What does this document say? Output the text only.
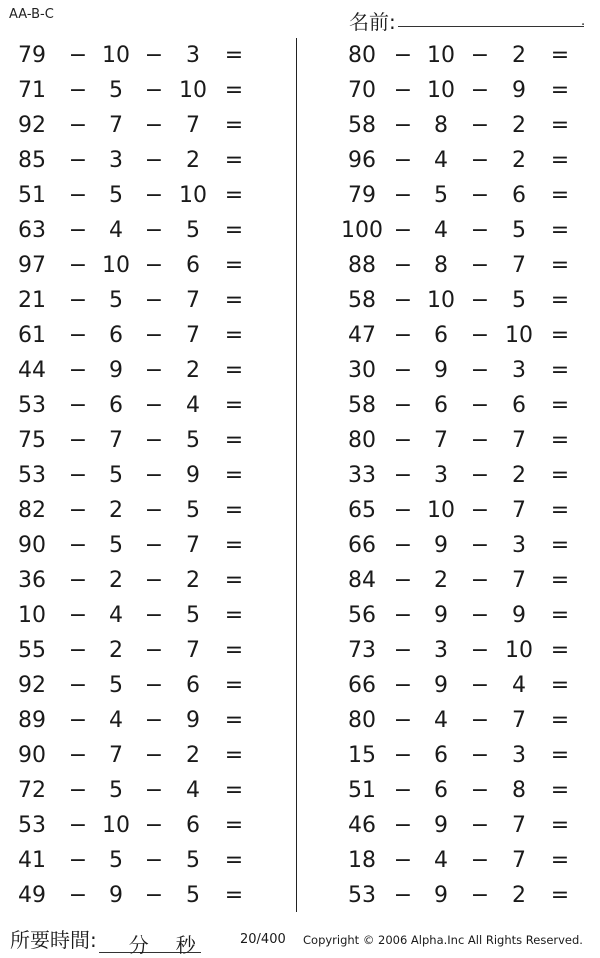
AA-B-C	名前:	.
79	− 10 −	3	=
71	− 5 − 10 =
92	− 7 −	7	=
85	− 3 −	2	=
51	− 5 − 10 =
63	− 4 −	5	=
97	− 10 −	6	=
21	− 5 −	7	=
61	− 6 −	7	=
44	− 9 −	2	=
53	− 6 −	4	=
75	− 7 −	5	=
53	− 5 −	9	=
82	− 2 −	5	=
90	− 5 −	7	=
36	− 2 −	2	=
10	− 4 −	5	=
55	− 2 −	7	=
92	− 5 −	6	=
89	− 4 −	9	=
90	− 7 −	2	=
72	− 5 −	4	=
53	− 10 −	6	=
41	− 5 −	5	=
49	− 9 −	5	=
80 − 10 −	2	=
70 − 10 −	9	=
58 − 8	−	2	=
96 − 4	−	2	=
79 − 5	−	6	=
100 − 4	−	5	=
88 − 8	−	7	=
58 − 10 −	5	=
47 − 6	− 10 =
30 − 9	−	3	=
58 − 6	−	6	=
80 − 7	−	7	=
33 − 3	−	2	=
65 − 10 −	7	=
66 − 9	−	3	=
84 − 2	−	7	=
56 − 9	−	9	=
73 − 3	− 10 =
66 − 9	−	4	=
80 − 4	−	7	=
15 − 6	−	3	=
51 − 6	−	8	=
46 − 9	−	7	=
18 − 4	−	7	=
53 − 9	−	2	=
所要時間: 分 秒	20/400 Copyright © 2006 Alpha.Inc All Rights Reserved.
